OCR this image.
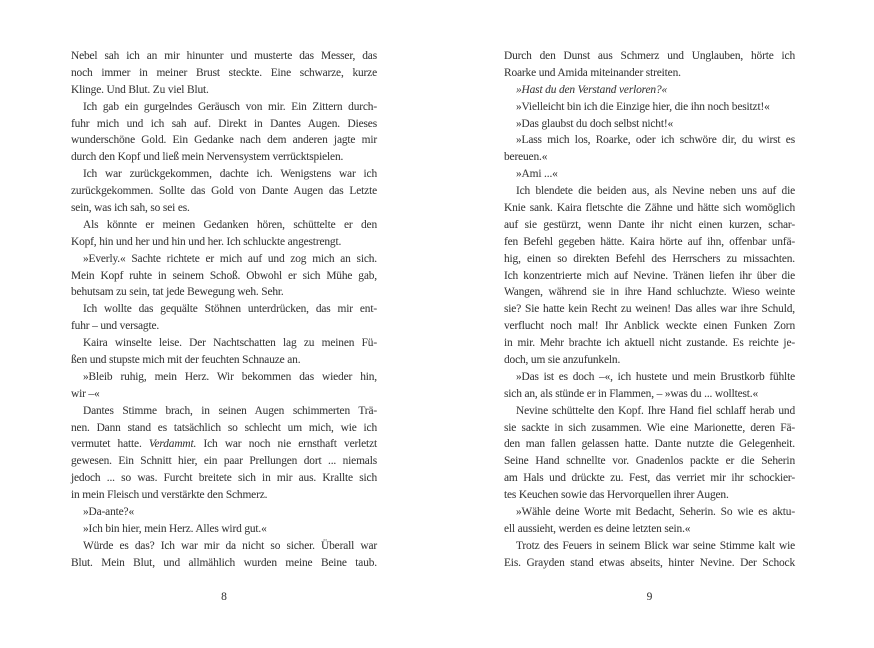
Nebel sah ich an mir hinunter und musterte das Messer, das
noch immer in meiner Brust steckte. Eine schwarze, kurze
Klinge. Und Blut. Zu viel Blut.
Ich gab ein gurgelndes Geräusch von mir. Ein Zittern durch-
fuhr mich und ich sah auf. Direkt in Dantes Augen. Dieses
wunderschöne Gold. Ein Gedanke nach dem anderen jagte mir
durch den Kopf und ließ mein Nervensystem verrücktspielen.
Ich war zurückgekommen, dachte ich. Wenigstens war ich
zurückgekommen. Sollte das Gold von Dante Augen das Letzte
sein, was ich sah, so sei es.
Als könnte er meinen Gedanken hören, schüttelte er den
Kopf, hin und her und hin und her. Ich schluckte angestrengt.
»Everly.« Sachte richtete er mich auf und zog mich an sich.
Mein Kopf ruhte in seinem Schoß. Obwohl er sich Mühe gab,
behutsam zu sein, tat jede Bewegung weh. Sehr.
Ich wollte das gequälte Stöhnen unterdrücken, das mir ent-
fuhr – und versagte.
Kaira winselte leise. Der Nachtschatten lag zu meinen Fü-
ßen und stupste mich mit der feuchten Schnauze an.
»Bleib ruhig, mein Herz. Wir bekommen das wieder hin,
wir –«
Dantes Stimme brach, in seinen Augen schimmerten Trä-
nen. Dann stand es tatsächlich so schlecht um mich, wie ich
vermutet hatte. Verdammt. Ich war noch nie ernsthaft verletzt
gewesen. Ein Schnitt hier, ein paar Prellungen dort ... niemals
jedoch ... so was. Furcht breitete sich in mir aus. Krallte sich
in mein Fleisch und verstärkte den Schmerz.
»Da-ante?«
»Ich bin hier, mein Herz. Alles wird gut.«
Würde es das? Ich war mir da nicht so sicher. Überall war
Blut. Mein Blut, und allmählich wurden meine Beine taub.
8
Durch den Dunst aus Schmerz und Unglauben, hörte ich
Roarke und Amida miteinander streiten.
»Hast du den Verstand verloren?«
»Vielleicht bin ich die Einzige hier, die ihn noch besitzt!«
»Das glaubst du doch selbst nicht!«
»Lass mich los, Roarke, oder ich schwöre dir, du wirst es
bereuen.«
»Ami ...«
Ich blendete die beiden aus, als Nevine neben uns auf die
Knie sank. Kaira fletschte die Zähne und hätte sich womöglich
auf sie gestürzt, wenn Dante ihr nicht einen kurzen, schar-
fen Befehl gegeben hätte. Kaira hörte auf ihn, offenbar unfä-
hig, einen so direkten Befehl des Herrschers zu missachten.
Ich konzentrierte mich auf Nevine. Tränen liefen ihr über die
Wangen, während sie in ihre Hand schluchzte. Wieso weinte
sie? Sie hatte kein Recht zu weinen! Das alles war ihre Schuld,
verflucht noch mal! Ihr Anblick weckte einen Funken Zorn
in mir. Mehr brachte ich aktuell nicht zustande. Es reichte je-
doch, um sie anzufunkeln.
»Das ist es doch –«, ich hustete und mein Brustkorb fühlte
sich an, als stünde er in Flammen, – »was du ... wolltest.«
Nevine schüttelte den Kopf. Ihre Hand fiel schlaff herab und
sie sackte in sich zusammen. Wie eine Marionette, deren Fä-
den man fallen gelassen hatte. Dante nutzte die Gelegenheit.
Seine Hand schnellte vor. Gnadenlos packte er die Seherin
am Hals und drückte zu. Fest, das verriet mir ihr schockier-
tes Keuchen sowie das Hervorquellen ihrer Augen.
»Wähle deine Worte mit Bedacht, Seherin. So wie es aktu-
ell aussieht, werden es deine letzten sein.«
Trotz des Feuers in seinem Blick war seine Stimme kalt wie
Eis. Grayden stand etwas abseits, hinter Nevine. Der Schock
9
